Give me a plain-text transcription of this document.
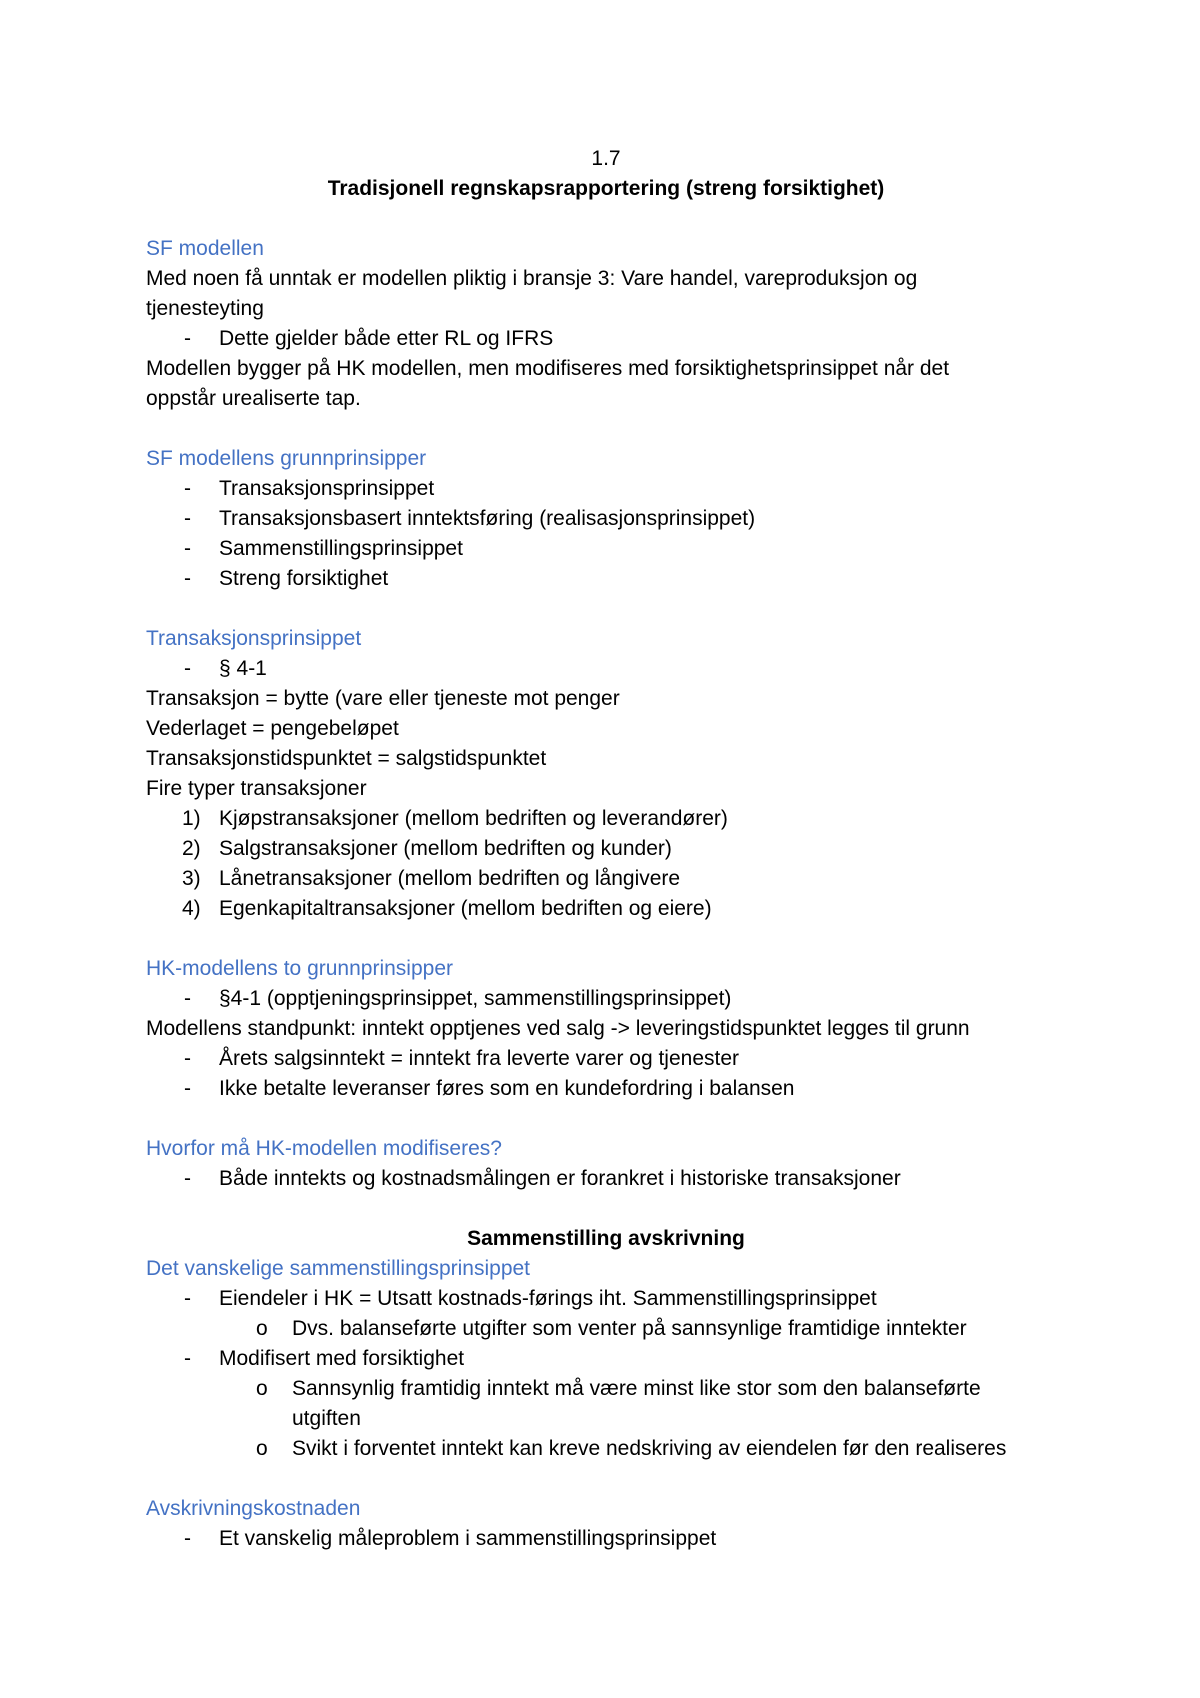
1.7
Tradisjonell regnskapsrapportering (streng forsiktighet)
SF modellen
Med noen få unntak er modellen pliktig i bransje 3: Vare handel, vareproduksjon og
tjenesteyting
- Dette gjelder både etter RL og IFRS
Modellen bygger på HK modellen, men modifiseres med forsiktighetsprinsippet når det
oppstår urealiserte tap.
SF modellens grunnprinsipper
- Transaksjonsprinsippet
- Transaksjonsbasert inntektsføring (realisasjonsprinsippet)
- Sammenstillingsprinsippet
- Streng forsiktighet
Transaksjonsprinsippet
- § 4-1
Transaksjon = bytte (vare eller tjeneste mot penger
Vederlaget = pengebeløpet
Transaksjonstidspunktet = salgstidspunktet
Fire typer transaksjoner
1) Kjøpstransaksjoner (mellom bedriften og leverandører)
2) Salgstransaksjoner (mellom bedriften og kunder)
3) Lånetransaksjoner (mellom bedriften og långivere
4) Egenkapitaltransaksjoner (mellom bedriften og eiere)
HK-modellens to grunnprinsipper
- §4-1 (opptjeningsprinsippet, sammenstillingsprinsippet)
Modellens standpunkt: inntekt opptjenes ved salg -> leveringstidspunktet legges til grunn
- Årets salgsinntekt = inntekt fra leverte varer og tjenester
- Ikke betalte leveranser føres som en kundefordring i balansen
Hvorfor må HK-modellen modifiseres?
- Både inntekts og kostnadsmålingen er forankret i historiske transaksjoner
Sammenstilling avskrivning
Det vanskelige sammenstillingsprinsippet
- Eiendeler i HK = Utsatt kostnads-førings iht. Sammenstillingsprinsippet
o Dvs. balanseførte utgifter som venter på sannsynlige framtidige inntekter
- Modifisert med forsiktighet
o Sannsynlig framtidig inntekt må være minst like stor som den balanseførte
utgiften
o Svikt i forventet inntekt kan kreve nedskriving av eiendelen før den realiseres
Avskrivningskostnaden
- Et vanskelig måleproblem i sammenstillingsprinsippet
